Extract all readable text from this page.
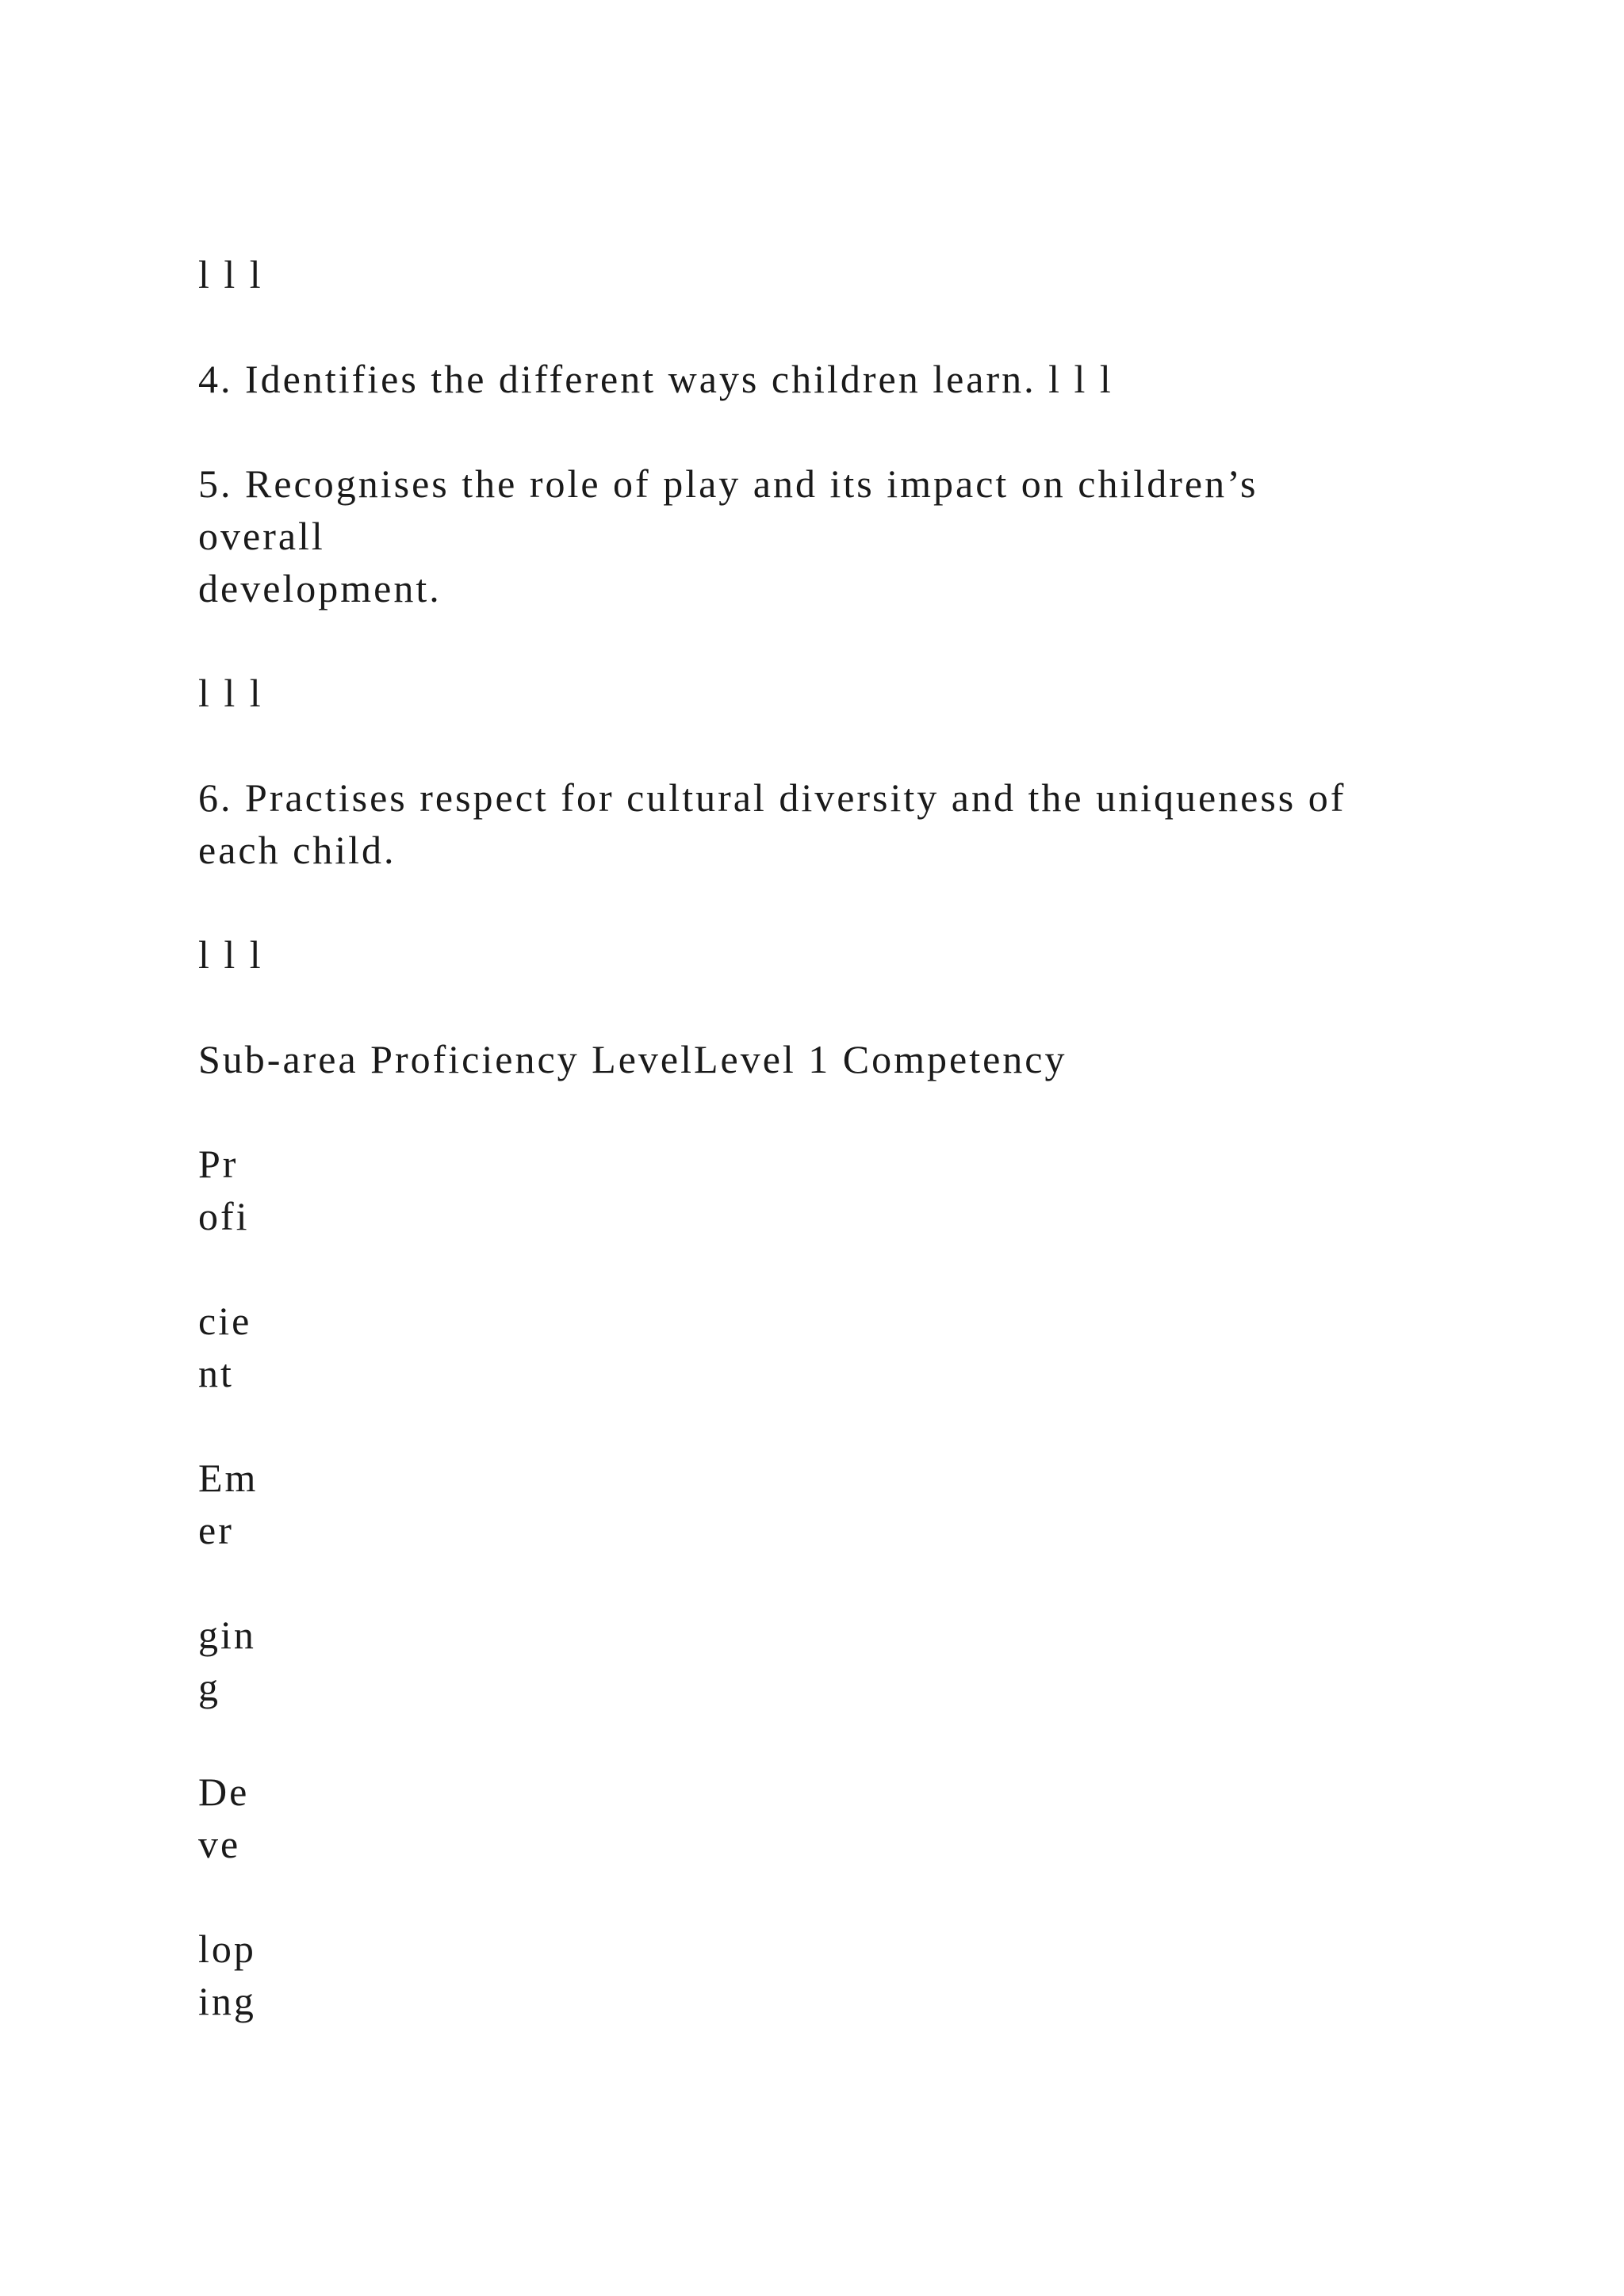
l l l
4. Identifies the different ways children learn. l l l
5. Recognises the role of play and its impact on children’s
overall
development.
l l l
6. Practises respect for cultural diversity and the uniqueness of
each child.
l l l
Sub-area Proficiency LevelLevel 1 Competency
Pr
ofi
cie
nt
Em
er
gin
g
De
ve
lop
ing
